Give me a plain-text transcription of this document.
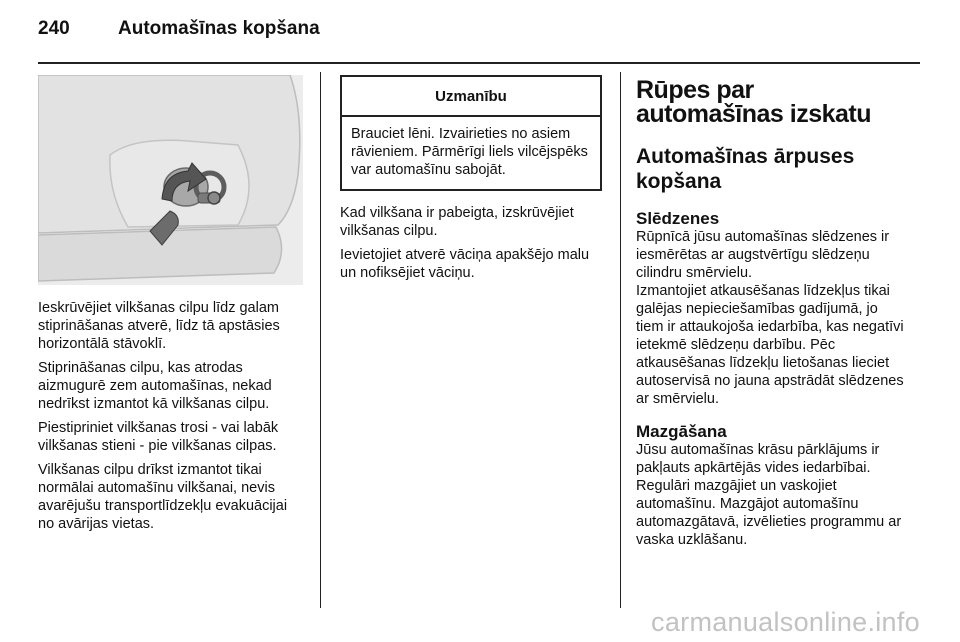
240	Automašīnas kopšana

Ieskrūvējiet vilkšanas cilpu līdz galam stiprināšanas atverē, līdz tā apstāsies horizontālā stāvoklī.

Stiprināšanas cilpu, kas atrodas aizmugurē zem automašīnas, nekad nedrīkst izmantot kā vilkšanas cilpu.

Piestipriniet vilkšanas trosi - vai labāk vilkšanas stieni - pie vilkšanas cilpas.

Vilkšanas cilpu drīkst izmantot tikai normālai automašīnu vilkšanai, nevis avarējušu transportlīdzekļu evakuācijai no avārijas vietas.

Uzmanību
Brauciet lēni. Izvairieties no asiem rāvieniem. Pārmērīgi liels vilcējspēks var automašīnu sabojāt.

Kad vilkšana ir pabeigta, izskrūvējiet vilkšanas cilpu.

Ievietojiet atverē vāciņa apakšējo malu un nofiksējiet vāciņu.

Rūpes par automašīnas izskatu
Automašīnas ārpuses kopšana
Slēdzenes

Rūpnīcā jūsu automašīnas slēdzenes ir iesmērētas ar augstvērtīgu slēdzeņu cilindru smērvielu.

Izmantojiet atkausēšanas līdzekļus tikai galējas nepieciešamības gadījumā, jo tiem ir attaukojoša iedarbība, kas negatīvi ietekmē slēdzeņu darbību. Pēc atkausēšanas līdzekļu lietošanas lieciet autoservisā no jauna apstrādāt slēdzenes ar smērvielu.

Mazgāšana

Jūsu automašīnas krāsu pārklājums ir pakļauts apkārtējās vides iedarbībai.

Regulāri mazgājiet un vaskojiet automašīnu. Mazgājot automašīnu automazgātavā, izvēlieties programmu ar vaska uzklāšanu.

carmanualsonline.info
